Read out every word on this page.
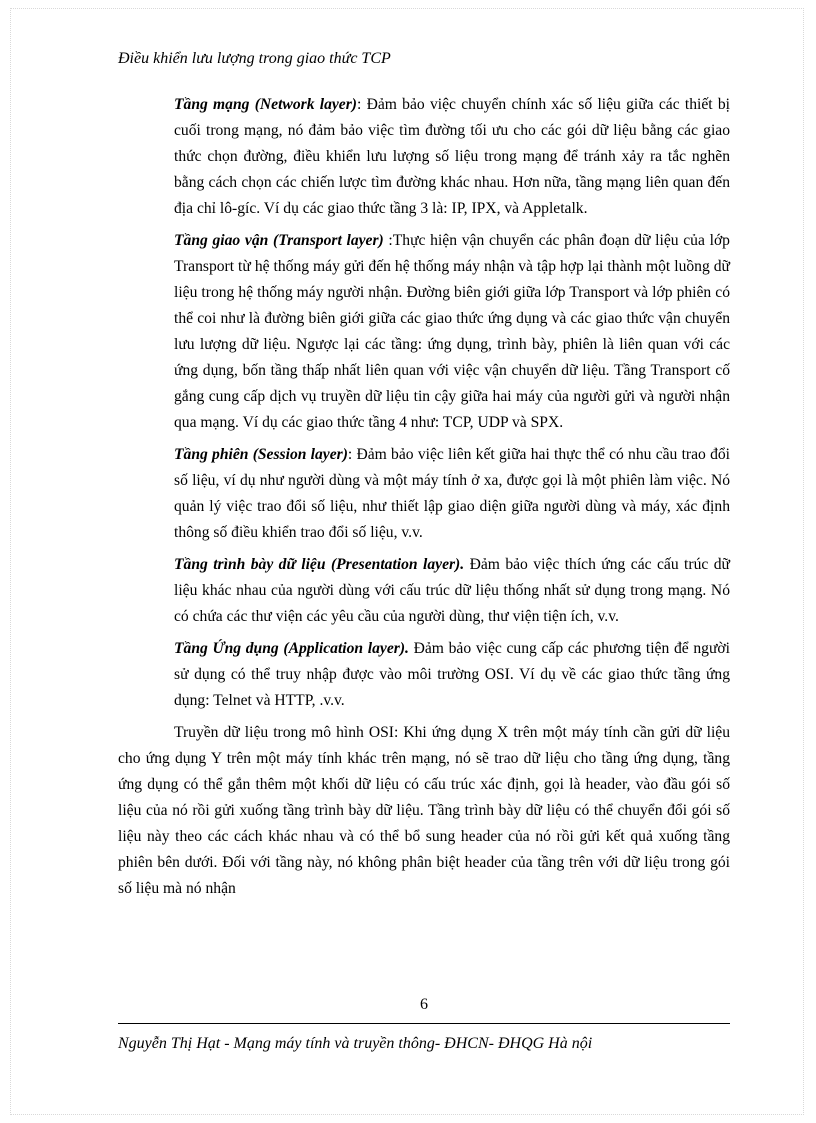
Điều khiển lưu lượng trong giao thức TCP

Tầng mạng (Network layer): Đảm bảo việc chuyển chính xác số liệu giữa các thiết bị cuối trong mạng, nó đảm bảo việc tìm đường tối ưu cho các gói dữ liệu bằng các giao thức chọn đường, điều khiển lưu lượng số liệu trong mạng để tránh xảy ra tắc nghẽn bằng cách chọn các chiến lược tìm đường khác nhau. Hơn nữa, tầng mạng liên quan đến địa chỉ lô-gíc. Ví dụ các giao thức tầng 3 là: IP, IPX, và Appletalk.

Tầng giao vận (Transport layer) :Thực hiện vận chuyển các phân đoạn dữ liệu của lớp Transport từ hệ thống máy gửi đến hệ thống máy nhận và tập hợp lại thành một luồng dữ liệu trong hệ thống máy người nhận. Đường biên giới giữa lớp Transport và lớp phiên có thể coi như là đường biên giới giữa các giao thức ứng dụng và các giao thức vận chuyển lưu lượng dữ liệu. Ngược lại các tầng: ứng dụng, trình bày, phiên là liên quan với các ứng dụng, bốn tầng thấp nhất liên quan với việc vận chuyển dữ liệu. Tầng Transport cố gắng cung cấp dịch vụ truyền dữ liệu tin cậy giữa hai máy của người gửi và người nhận qua mạng. Ví dụ các giao thức tầng 4 như: TCP, UDP và SPX.

Tầng phiên (Session layer): Đảm bảo việc liên kết giữa hai thực thể có nhu cầu trao đổi số liệu, ví dụ như người dùng và một máy tính ở xa, được gọi là một phiên làm việc. Nó quản lý việc trao đổi số liệu, như thiết lập giao diện giữa người dùng và máy, xác định thông số điều khiển trao đổi số liệu, v.v.

Tầng trình bày dữ liệu (Presentation layer). Đảm bảo việc thích ứng các cấu trúc dữ liệu khác nhau của người dùng với cấu trúc dữ liệu thống nhất sử dụng trong mạng. Nó có chứa các thư viện các yêu cầu của người dùng, thư viện tiện ích, v.v.

Tầng Ứng dụng (Application layer). Đảm bảo việc cung cấp các phương tiện để người sử dụng có thể truy nhập được vào môi trường OSI. Ví dụ về các giao thức tầng ứng dụng: Telnet và HTTP, .v.v.

Truyền dữ liệu trong mô hình OSI: Khi ứng dụng X trên một máy tính cần gửi dữ liệu cho ứng dụng Y trên một máy tính khác trên mạng, nó sẽ trao dữ liệu cho tầng ứng dụng, tầng ứng dụng có thể gắn thêm một khối dữ liệu có cấu trúc xác định, gọi là header, vào đầu gói số liệu của nó rồi gửi xuống tầng trình bày dữ liệu. Tầng trình bày dữ liệu có thể chuyển đổi gói số liệu này theo các cách khác nhau và có thể bổ sung header của nó rồi gửi kết quả xuống tầng phiên bên dưới. Đối với tầng này, nó không phân biệt header của tầng trên với dữ liệu trong gói số liệu mà nó nhận

6
Nguyễn Thị Hạt - Mạng máy tính và truyền thông- ĐHCN- ĐHQG Hà nội
